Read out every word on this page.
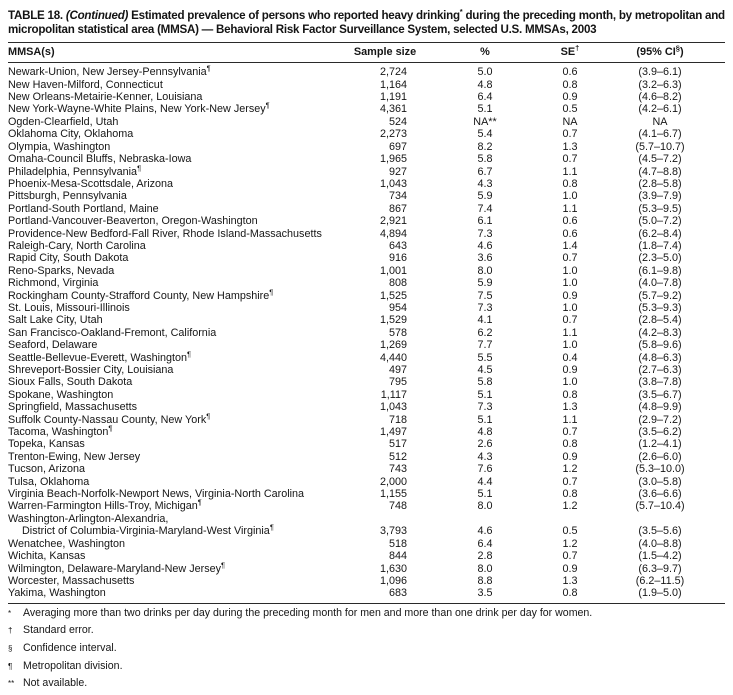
TABLE 18. (Continued) Estimated prevalence of persons who reported heavy drinking* during the preceding month, by metropolitan and micropolitan statistical area (MMSA) — Behavioral Risk Factor Surveillance System, selected U.S. MMSAs, 2003
MMSA(s)	Sample size	%	SE†	(95% CI§)
Newark-Union, New Jersey-Pennsylvania¶	2,724	5.0	0.6	(3.9–6.1)
New Haven-Milford, Connecticut	1,164	4.8	0.8	(3.2–6.3)
New Orleans-Metairie-Kenner, Louisiana	1,191	6.4	0.9	(4.6–8.2)
New York-Wayne-White Plains, New York-New Jersey¶	4,361	5.1	0.5	(4.2–6.1)
Ogden-Clearfield, Utah	524	NA**	NA	NA
Oklahoma City, Oklahoma	2,273	5.4	0.7	(4.1–6.7)
Olympia, Washington	697	8.2	1.3	(5.7–10.7)
Omaha-Council Bluffs, Nebraska-Iowa	1,965	5.8	0.7	(4.5–7.2)
Philadelphia, Pennsylvania¶	927	6.7	1.1	(4.7–8.8)
Phoenix-Mesa-Scottsdale, Arizona	1,043	4.3	0.8	(2.8–5.8)
Pittsburgh, Pennsylvania	734	5.9	1.0	(3.9–7.9)
Portland-South Portland, Maine	867	7.4	1.1	(5.3–9.5)
Portland-Vancouver-Beaverton, Oregon-Washington	2,921	6.1	0.6	(5.0–7.2)
Providence-New Bedford-Fall River, Rhode Island-Massachusetts	4,894	7.3	0.6	(6.2–8.4)
Raleigh-Cary, North Carolina	643	4.6	1.4	(1.8–7.4)
Rapid City, South Dakota	916	3.6	0.7	(2.3–5.0)
Reno-Sparks, Nevada	1,001	8.0	1.0	(6.1–9.8)
Richmond, Virginia	808	5.9	1.0	(4.0–7.8)
Rockingham County-Strafford County, New Hampshire¶	1,525	7.5	0.9	(5.7–9.2)
St. Louis, Missouri-Illinois	954	7.3	1.0	(5.3–9.3)
Salt Lake City, Utah	1,529	4.1	0.7	(2.8–5.4)
San Francisco-Oakland-Fremont, California	578	6.2	1.1	(4.2–8.3)
Seaford, Delaware	1,269	7.7	1.0	(5.8–9.6)
Seattle-Bellevue-Everett, Washington¶	4,440	5.5	0.4	(4.8–6.3)
Shreveport-Bossier City, Louisiana	497	4.5	0.9	(2.7–6.3)
Sioux Falls, South Dakota	795	5.8	1.0	(3.8–7.8)
Spokane, Washington	1,117	5.1	0.8	(3.5–6.7)
Springfield, Massachusetts	1,043	7.3	1.3	(4.8–9.9)
Suffolk County-Nassau County, New York¶	718	5.1	1.1	(2.9–7.2)
Tacoma, Washington¶	1,497	4.8	0.7	(3.5–6.2)
Topeka, Kansas	517	2.6	0.8	(1.2–4.1)
Trenton-Ewing, New Jersey	512	4.3	0.9	(2.6–6.0)
Tucson, Arizona	743	7.6	1.2	(5.3–10.0)
Tulsa, Oklahoma	2,000	4.4	0.7	(3.0–5.8)
Virginia Beach-Norfolk-Newport News, Virginia-North Carolina	1,155	5.1	0.8	(3.6–6.6)
Warren-Farmington Hills-Troy, Michigan¶	748	8.0	1.2	(5.7–10.4)

Washington-Arlington-Alexandria,
District of Columbia-Virginia-Maryland-West Virginia¶	3,793	4.6	0.5	(3.5–5.6)
Wenatchee, Washington	518	6.4	1.2	(4.0–8.8)
Wichita, Kansas	844	2.8	0.7	(1.5–4.2)
Wilmington, Delaware-Maryland-New Jersey¶	1,630	8.0	0.9	(6.3–9.7)
Worcester, Massachusetts	1,096	8.8	1.3	(6.2–11.5)
Yakima, Washington	683	3.5	0.8	(1.9–5.0)
*	Averaging more than two drinks per day during the preceding month for men and more than one drink per day for women.
† Standard error.
§ Confidence interval.
¶	Metropolitan division.
** Not available.
